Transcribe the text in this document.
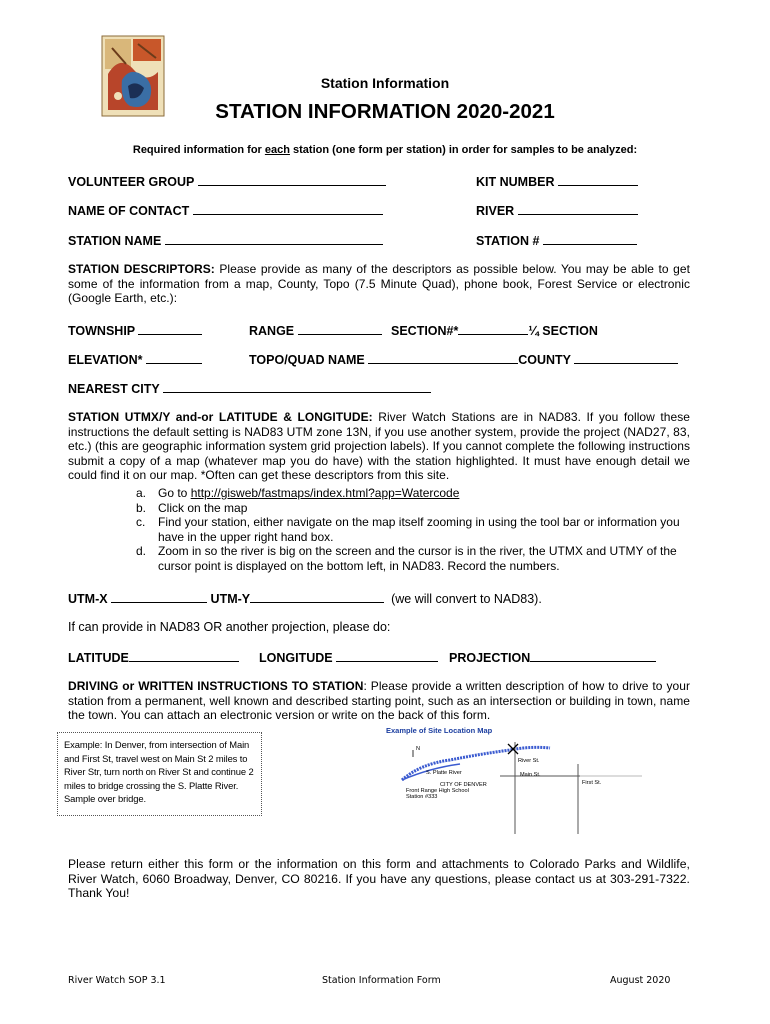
Station Information
STATION INFORMATION 2020-2021
Required information for each station (one form per station) in order for samples to be analyzed:
VOLUNTEER GROUP	KIT NUMBER
NAME OF CONTACT	RIVER
STATION NAME	STATION #
STATION DESCRIPTORS: Please provide as many of the descriptors as possible below. You may be able to get some of the information from a map, County, Topo (7.5 Minute Quad), phone book, Forest Service or electronic (Google Earth, etc.):
TOWNSHIP	RANGE	SECTION#*	¼ SECTION
ELEVATION*	TOPO/QUAD NAME	COUNTY
NEAREST CITY
STATION UTMX/Y and-or LATITUDE & LONGITUDE: River Watch Stations are in NAD83. If you follow these instructions the default setting is NAD83 UTM zone 13N, if you use another system, provide the project (NAD27, 83, etc.) (this are geographic information system grid projection labels). If you cannot complete the following instructions submit a copy of a map (whatever map you do have) with the station highlighted. It must have enough detail we could find it on our map. *Often can get these descriptors from this site.
a. Go to http://gisweb/fastmaps/index.html?app=Watercode
b. Click on the map
c.	Find your station, either navigate on the map itself zooming in using the tool bar or information you have in the upper right hand box.
d. Zoom in so the river is big on the screen and the cursor is in the river, the UTMX and UTMY of the cursor point is displayed on the bottom left, in NAD83. Record the numbers.
UTM-X	UTM-Y	(we will convert to NAD83).
If can provide in NAD83 OR another projection, please do:
LATITUDE	LONGITUDE	PROJECTION
DRIVING or WRITTEN INSTRUCTIONS TO STATION: Please provide a written description of how to drive to your station from a permanent, well known and described starting point, such as an intersection or building in town, name the town. You can attach an electronic version or write on the back of this form.
Example: In Denver, from intersection of Main and First St, travel west on Main St 2 miles to River Str, turn north on River St and continue 2 miles to bridge crossing the S. Platte River. Sample over bridge.
Example of Site Location Map
N
River St.
S. Platte River	Main St.
First St.
CITY OF DENVER
Front Range High School
Station #333
Please return either this form or the information on this form and attachments to Colorado Parks and Wildlife, River Watch, 6060 Broadway, Denver, CO 80216. If you have any questions, please contact us at 303-291-7322. Thank You!
River Watch SOP 3.1	Station Information Form	August 2020
